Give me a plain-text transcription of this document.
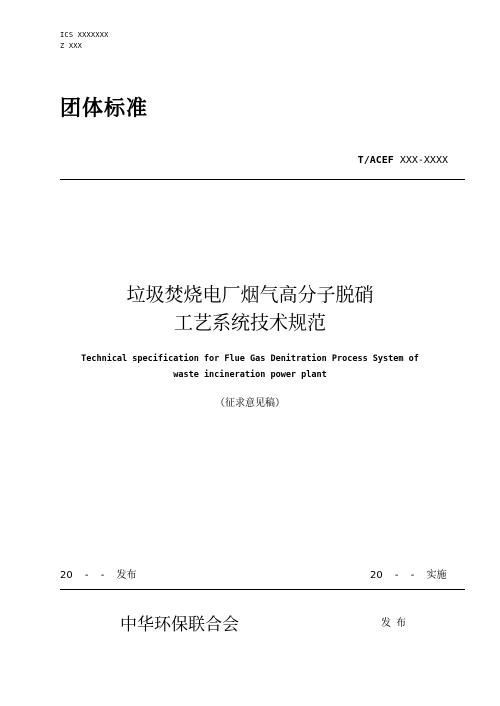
ICS XXXXXXX
Z XXX
团体标准
T/ACEF XXX-XXXX
垃圾焚烧电厂烟气高分子脱硝
工艺系统技术规范
Technical specification for Flue Gas Denitration Process System of
waste incineration power plant
（征求意见稿）
20 - - 发布	20 - - 实施
中华环保联合会	发布
